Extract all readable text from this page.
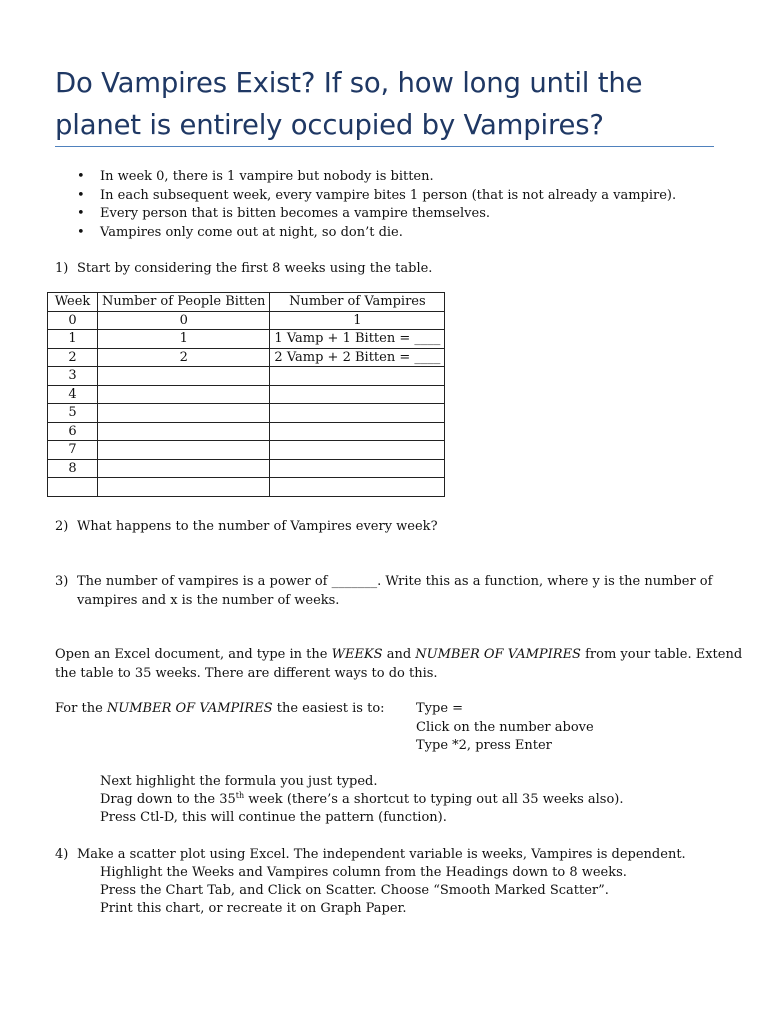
Do Vampires Exist? If so, how long until the planet is entirely occupied by Vampires?
• In week 0, there is 1 vampire but nobody is bitten.
• In each subsequent week, every vampire bites 1 person (that is not already a vampire).
• Every person that is bitten becomes a vampire themselves.
• Vampires only come out at night, so don’t die.
1) Start by considering the first 8 weeks using the table.
Week	Number of People Bitten	Number of Vampires
0	0	1
1	1	1 Vamp + 1 Bitten = ____
2	2	2 Vamp + 2 Bitten = ____
3		
4		
5		
6		
7		
8		

2) What happens to the number of Vampires every week?
3) The number of vampires is a power of _______. Write this as a function, where y is the number of
vampires and x is the number of weeks.
Open an Excel document, and type in the WEEKS and NUMBER OF VAMPIRES from your table. Extend
the table to 35 weeks. There are different ways to do this.
For the NUMBER OF VAMPIRES the easiest is to: Type =
Click on the number above
Type *2, press Enter
Next highlight the formula you just typed.
Drag down to the 35th week (there’s a shortcut to typing out all 35 weeks also).
Press Ctl-D, this will continue the pattern (function).
4) Make a scatter plot using Excel. The independent variable is weeks, Vampires is dependent.
Highlight the Weeks and Vampires column from the Headings down to 8 weeks.
Press the Chart Tab, and Click on Scatter. Choose “Smooth Marked Scatter”.
Print this chart, or recreate it on Graph Paper.
